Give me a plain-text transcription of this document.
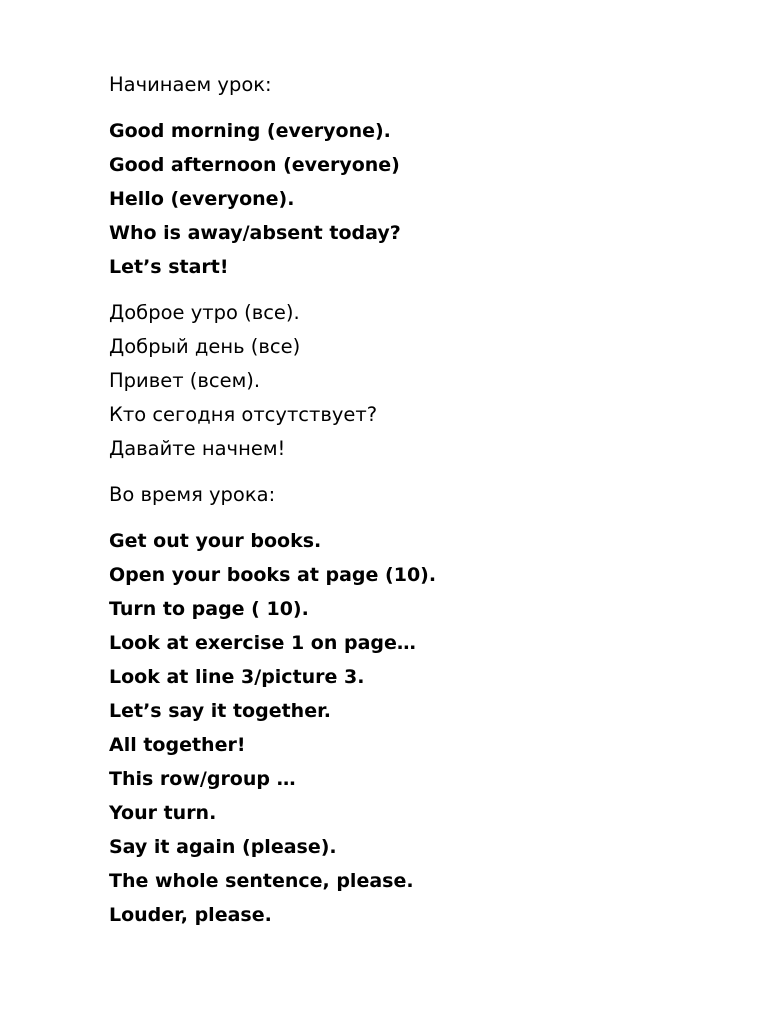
Начинаем урок:
Good morning (everyone).
Good afternoon (everyone)
Hello (everyone).
Who is away/absent today?
Let’s start!
Доброе утро (все).
Добрый день (все)
Привет (всем).
Кто сегодня отсутствует?
Давайте начнем!
Во время урока:
Get out your books.
Open your books at page (10).
Turn to page ( 10).
Look at exercise 1 on page…
Look at line 3/picture 3.
Let’s say it together.
All together!
This row/group …
Your turn.
Say it again (please).
The whole sentence, please.
Louder, please.
